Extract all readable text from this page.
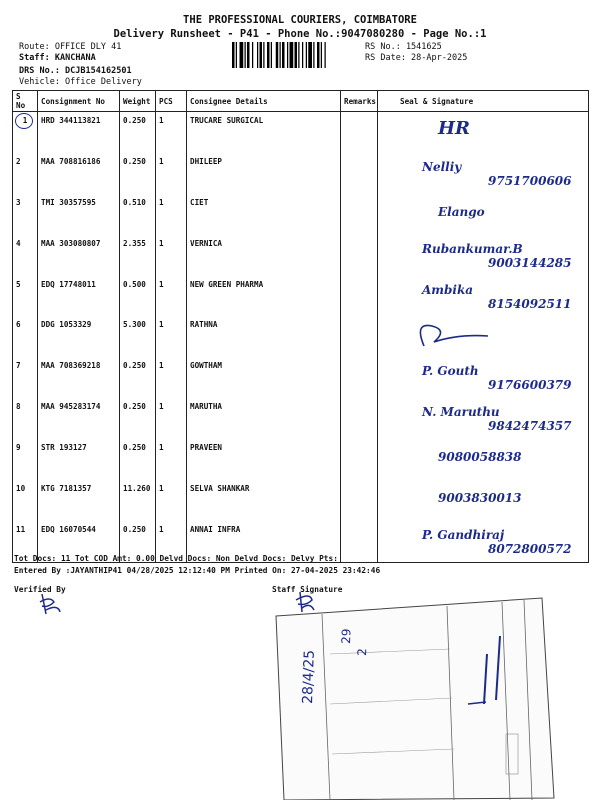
THE PROFESSIONAL COURIERS, COIMBATORE
Delivery Runsheet - P41 - Phone No.:9047080280 - Page No.:1
Route: OFFICE DLY 41
Staff: KANCHANA
DRS No.: DCJB154162501
Vehicle: Office Delivery
RS No.: 1541625
RS Date: 28-Apr-2025
S No	Consignment No	Weight	PCS	Consignee Details	Remarks	Seal & Signature
1	HRD 344113821	0.250	1	TRUCARE SURGICAL		HR

2	MAA 708816186	0.250	1	DHILEEP		Nelliy
9751700606

3	TMI 30357595	0.510	1	CIET		Elango

4	MAA 303080807	2.355	1	VERNICA		Rubankumar.B
9003144285

5	EDQ 17748011	0.500	1	NEW GREEN PHARMA		Ambika
8154092511

6	DDG 1053329	5.300	1	RATHNA		

7	MAA 708369218	0.250	1	GOWTHAM		P. Gouth
9176600379

8	MAA 945283174	0.250	1	MARUTHA		N. Maruthu
9842474357

9	STR 193127	0.250	1	PRAVEEN		9080058838

10	KTG 7181357	11.260	1	SELVA SHANKAR		9003830013

11	EDQ 16070544	0.250	1	ANNAI INFRA		P. Gandhiraj
8072800572
Tot Docs: 11 Tot COD Amt: 0.00 Delvd Docs: Non Delvd Docs: Delvy Pts:
Entered By :JAYANTHIP41 04/28/2025 12:12:40 PM Printed On: 27-04-2025 23:42:46
Verified By	Staff Signature
28/4/25
29
2
